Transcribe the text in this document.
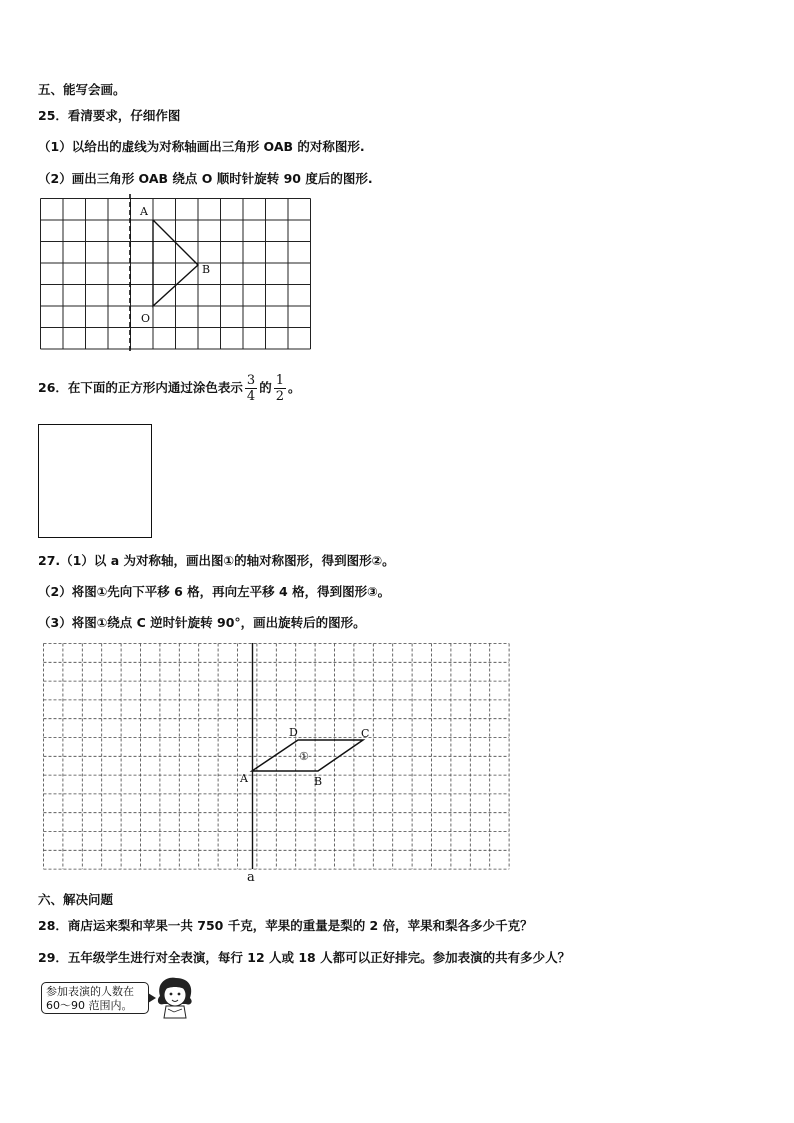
五、能写会画。
25．看清要求，仔细作图
（1）以给出的虚线为对称轴画出三角形 OAB 的对称图形.
（2）画出三角形 OAB 绕点 O 顺时针旋转 90 度后的图形.
A
B
O
26．在下面的正方形内通过涂色表示 $\frac{3}{4}$ 的 $\frac{1}{2}$ 。
27.（1）以 a 为对称轴，画出图①的轴对称图形，得到图形②。
（2）将图①先向下平移 6 格，再向左平移 4 格，得到图形③。
（3）将图①绕点 C 逆时针旋转 90°，画出旋转后的图形。
D	C
A	B
①
a
六、解决问题
28．商店运来梨和苹果一共 750 千克，苹果的重量是梨的 2 倍，苹果和梨各多少千克？
29．五年级学生进行对全表演，每行 12 人或 18 人都可以正好排完。参加表演的共有多少人？
参加表演的人数在
60～90 范围内。
